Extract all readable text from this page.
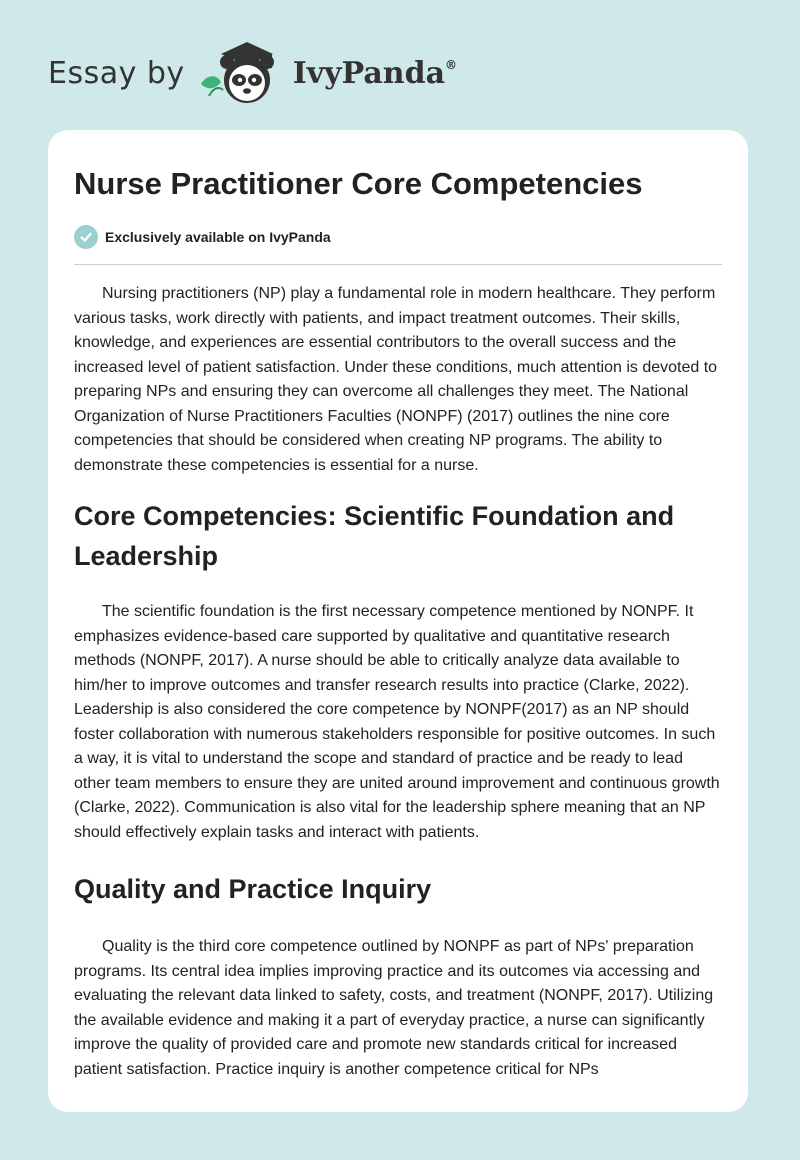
Essay by	IvyPanda®
Nurse Practitioner Core Competencies
Exclusively available on IvyPanda

Nursing practitioners (NP) play a fundamental role in modern healthcare. They perform various tasks, work directly with patients, and impact treatment outcomes. Their skills, knowledge, and experiences are essential contributors to the overall success and the increased level of patient satisfaction. Under these conditions, much attention is devoted to preparing NPs and ensuring they can overcome all challenges they meet. The National Organization of Nurse Practitioners Faculties (NONPF) (2017) outlines the nine core competencies that should be considered when creating NP programs. The ability to demonstrate these competencies is essential for a nurse.

Core Competencies: Scientific Foundation and Leadership

The scientific foundation is the first necessary competence mentioned by NONPF. It emphasizes evidence-based care supported by qualitative and quantitative research methods (NONPF, 2017). A nurse should be able to critically analyze data available to him/her to improve outcomes and transfer research results into practice (Clarke, 2022). Leadership is also considered the core competence by NONPF(2017) as an NP should foster collaboration with numerous stakeholders responsible for positive outcomes. In such a way, it is vital to understand the scope and standard of practice and be ready to lead other team members to ensure they are united around improvement and continuous growth (Clarke, 2022). Communication is also vital for the leadership sphere meaning that an NP should effectively explain tasks and interact with patients.

Quality and Practice Inquiry

Quality is the third core competence outlined by NONPF as part of NPs' preparation programs. Its central idea implies improving practice and its outcomes via accessing and evaluating the relevant data linked to safety, costs, and treatment (NONPF, 2017). Utilizing the available evidence and making it a part of everyday practice, a nurse can significantly improve the quality of provided care and promote new standards critical for increased patient satisfaction. Practice inquiry is another competence critical for NPs
